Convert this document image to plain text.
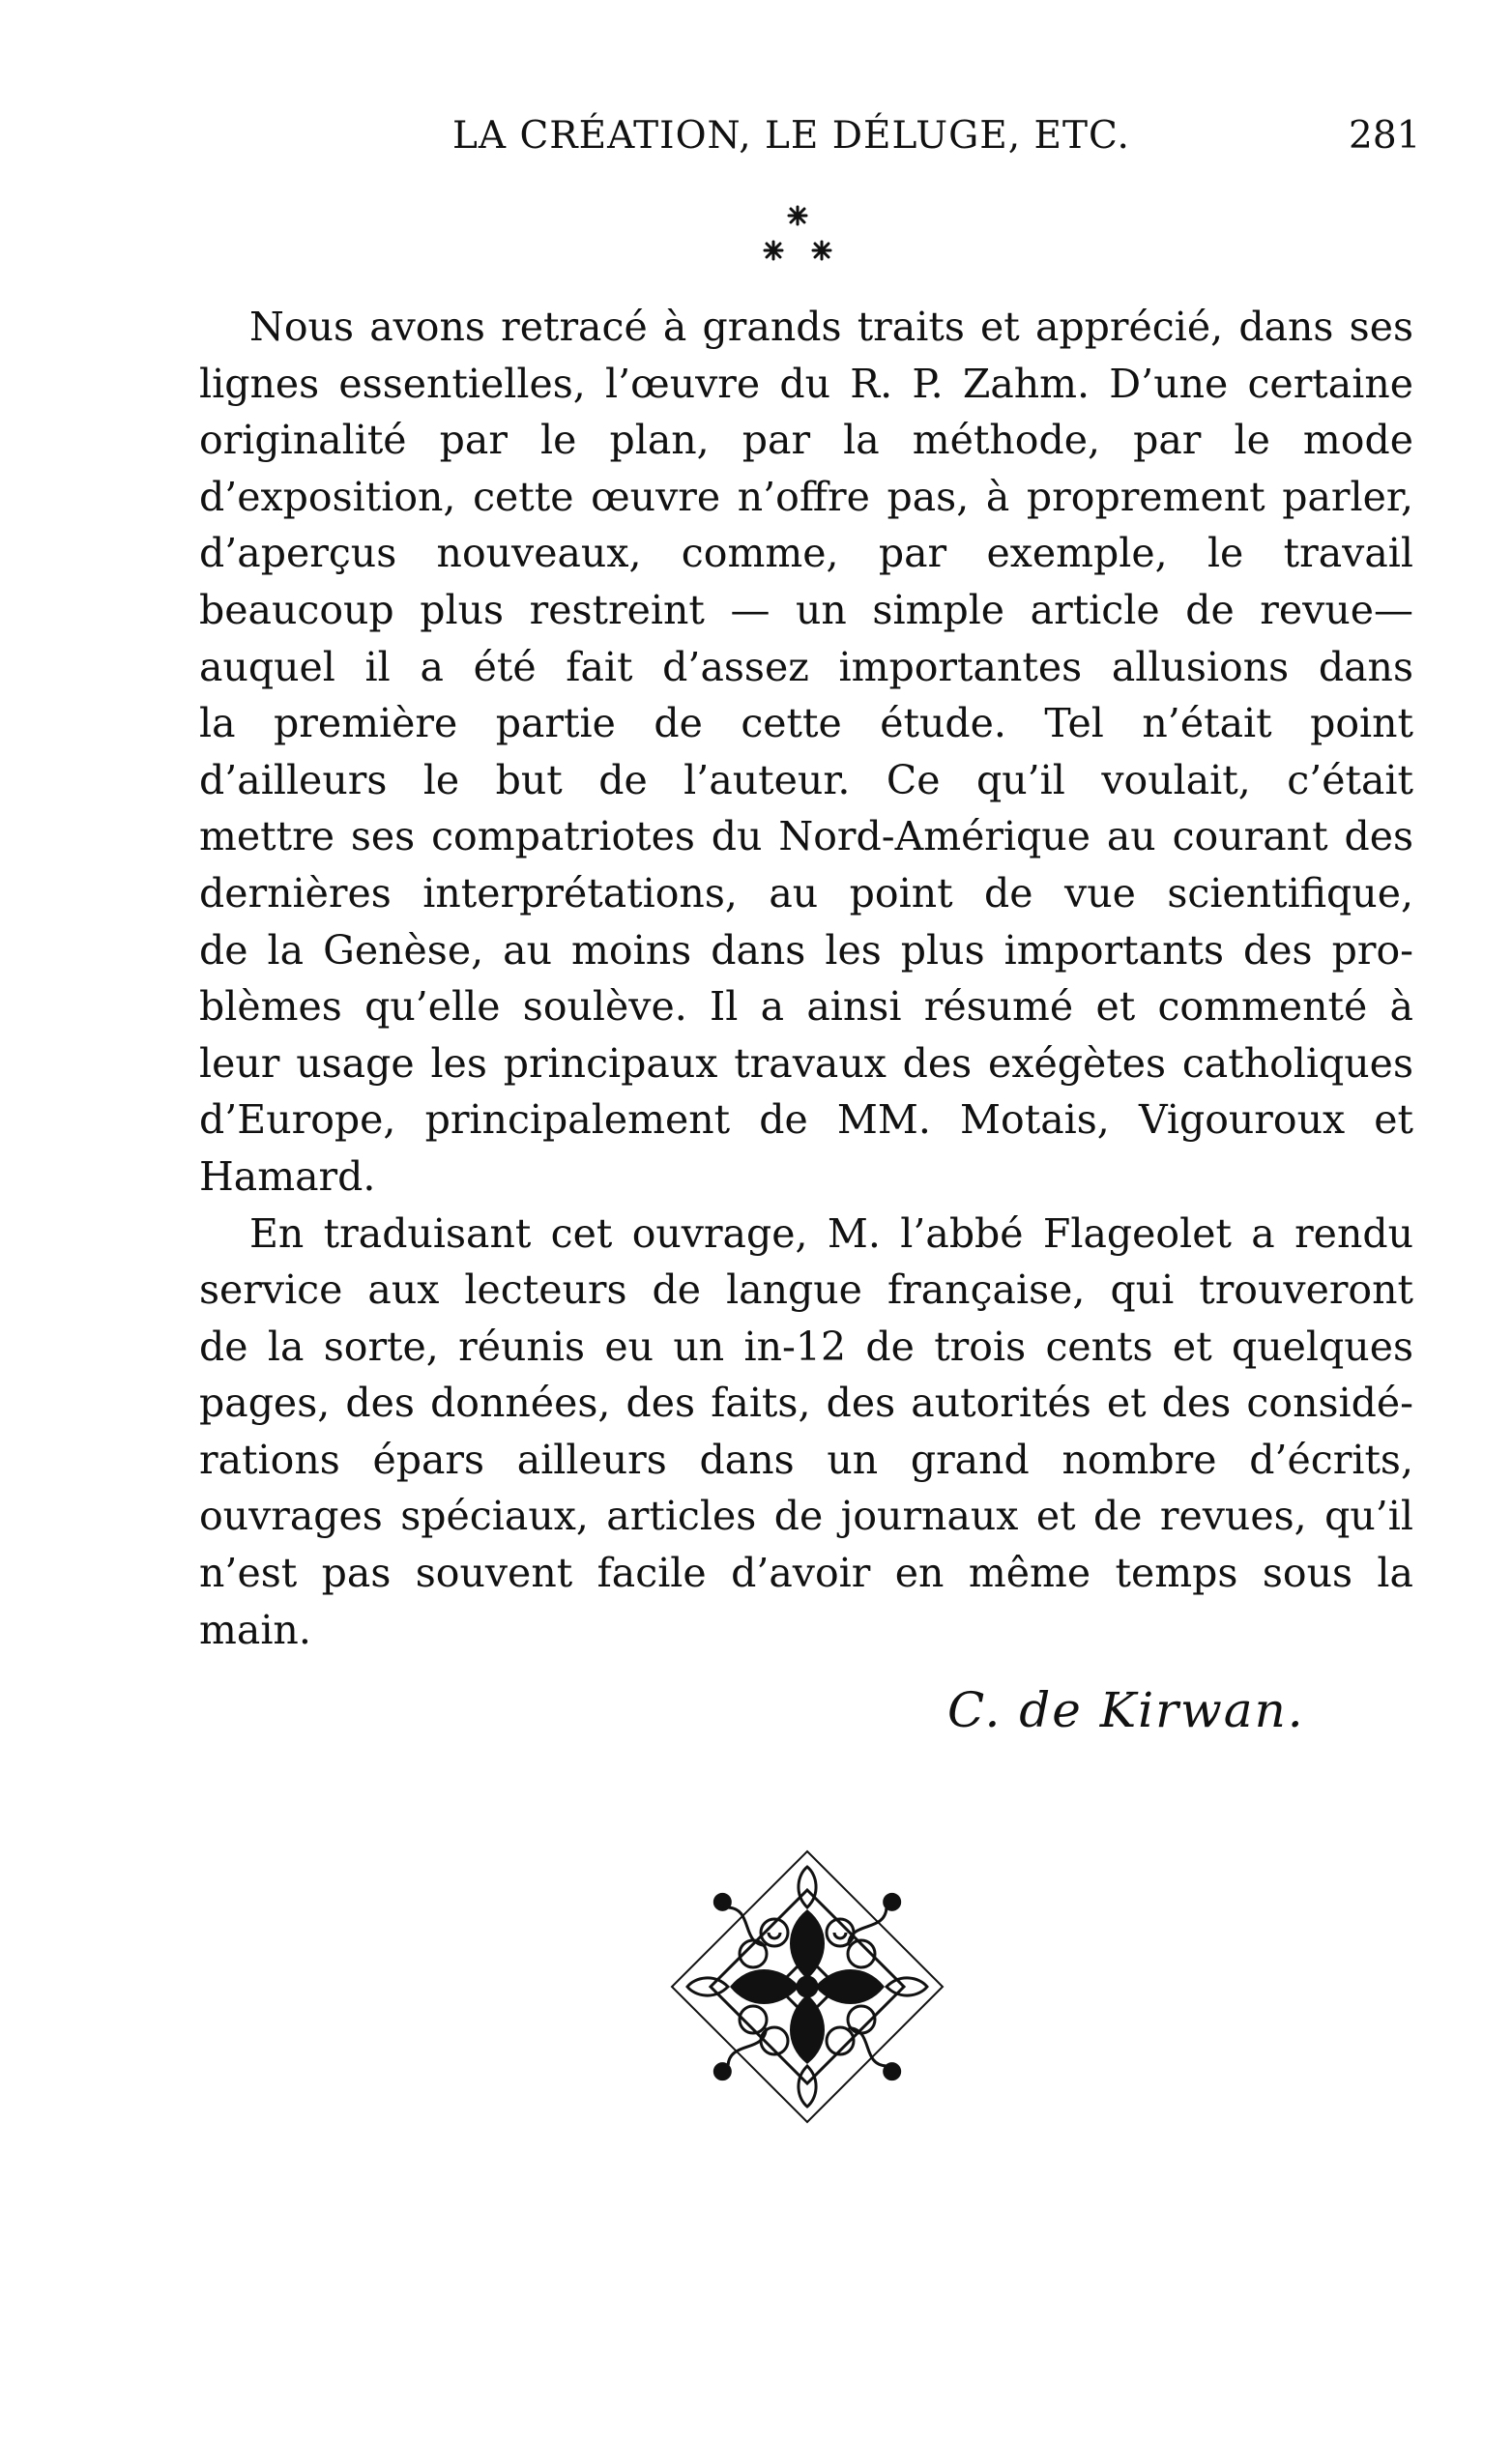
LA CRÉATION, LE DÉLUGE, ETC.	281
Nous avons retracé à grands traits et apprécié, dans ses
lignes essentielles, l’œuvre du R. P. Zahm. D’une certaine
originalité par le plan, par la méthode, par le mode
d’exposition, cette œuvre n’offre pas, à proprement parler,
d’aperçus nouveaux, comme, par exemple, le travail
beaucoup plus restreint — un simple article de revue—
auquel il a été fait d’assez importantes allusions dans
la première partie de cette étude. Tel n’était point
d’ailleurs le but de l’auteur. Ce qu’il voulait, c’était
mettre ses compatriotes du Nord-Amérique au courant des
dernières interprétations, au point de vue scientifique,
de la Genèse, au moins dans les plus importants des pro-
blèmes qu’elle soulève. Il a ainsi résumé et commenté à
leur usage les principaux travaux des exégètes catholiques
d’Europe, principalement de MM. Motais, Vigouroux et
Hamard.
En traduisant cet ouvrage, M. l’abbé Flageolet a rendu
service aux lecteurs de langue française, qui trouveront
de la sorte, réunis eu un in-12 de trois cents et quelques
pages, des données, des faits, des autorités et des considé-
rations épars ailleurs dans un grand nombre d’écrits,
ouvrages spéciaux, articles de journaux et de revues, qu’il
n’est pas souvent facile d’avoir en même temps sous la
main.
C. de Kirwan.
